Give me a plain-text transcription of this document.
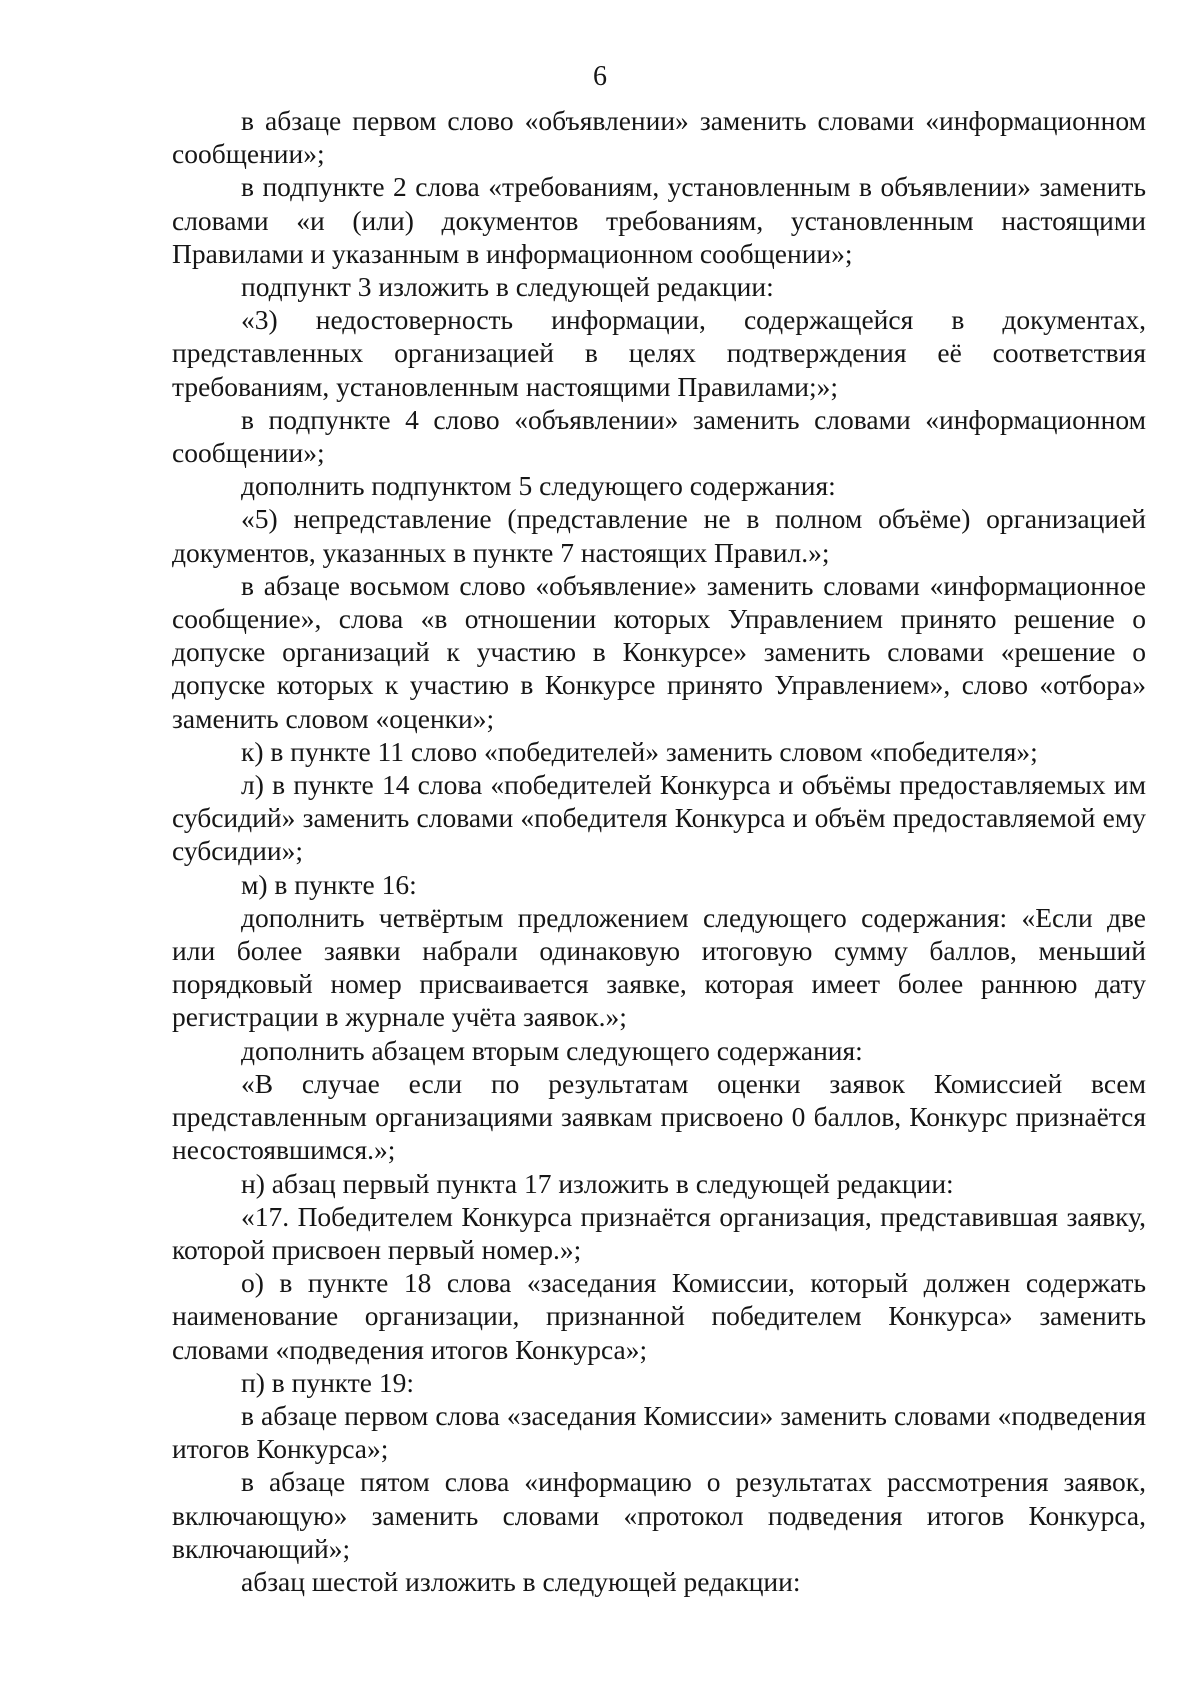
6

в абзаце первом слово «объявлении» заменить словами «информационном сообщении»;

в подпункте 2 слова «требованиям, установленным в объявлении» заменить словами «и (или) документов требованиям, установленным настоящими Правилами и указанным в информационном сообщении»;

подпункт 3 изложить в следующей редакции:

«3) недостоверность информации, содержащейся в документах, представленных организацией в целях подтверждения её соответствия требованиям, установленным настоящими Правилами;»;

в подпункте 4 слово «объявлении» заменить словами «информационном сообщении»;

дополнить подпунктом 5 следующего содержания:

«5) непредставление (представление не в полном объёме) организацией документов, указанных в пункте 7 настоящих Правил.»;

в абзаце восьмом слово «объявление» заменить словами «информационное сообщение», слова «в отношении которых Управлением принято решение о допуске организаций к участию в Конкурсе» заменить словами «решение о допуске которых к участию в Конкурсе принято Управлением», слово «отбора» заменить словом «оценки»;

к) в пункте 11 слово «победителей» заменить словом «победителя»;

л) в пункте 14 слова «победителей Конкурса и объёмы предоставляемых им субсидий» заменить словами «победителя Конкурса и объём предоставляемой ему субсидии»;

м) в пункте 16:

дополнить четвёртым предложением следующего содержания: «Если две или более заявки набрали одинаковую итоговую сумму баллов, меньший порядковый номер присваивается заявке, которая имеет более раннюю дату регистрации в журнале учёта заявок.»;

дополнить абзацем вторым следующего содержания:

«В случае если по результатам оценки заявок Комиссией всем представленным организациями заявкам присвоено 0 баллов, Конкурс признаётся несостоявшимся.»;

н) абзац первый пункта 17 изложить в следующей редакции:

«17. Победителем Конкурса признаётся организация, представившая заявку, которой присвоен первый номер.»;

о) в пункте 18 слова «заседания Комиссии, который должен содержать наименование организации, признанной победителем Конкурса» заменить словами «подведения итогов Конкурса»;

п) в пункте 19:

в абзаце первом слова «заседания Комиссии» заменить словами «подведения итогов Конкурса»;

в абзаце пятом слова «информацию о результатах рассмотрения заявок, включающую» заменить словами «протокол подведения итогов Конкурса, включающий»;

абзац шестой изложить в следующей редакции:
